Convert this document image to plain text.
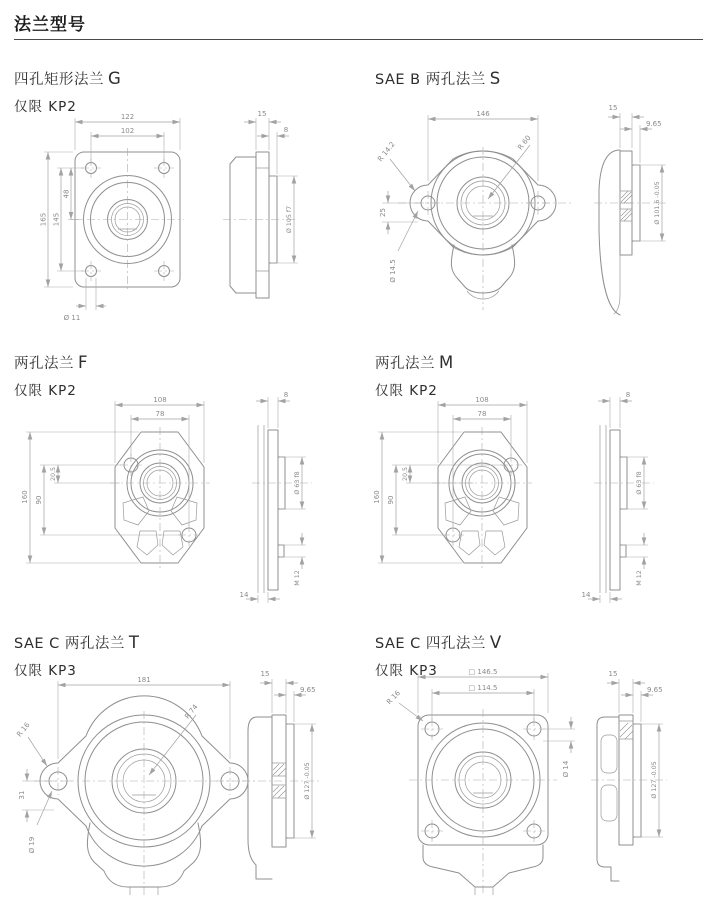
法兰型号
四孔矩形法兰 G
仅限 KP2
122
102
165 145
48
Ø 11
15
8
Ø 105 f7
SAE B 两孔法兰 S
146
R 60
R 14.2
25
Ø 14.5
15
9.65
Ø 101.6 -0.05
两孔法兰 F
仅限 KP2
108
78
160 90
20.5
8
Ø 63 f8
M 12
14
两孔法兰 M
仅限 KP2
108
78
160 90
20.5
8
Ø 63 f8
M 12
14
SAE C 两孔法兰 T
仅限 KP3
181
R 74
R 16
31
Ø 19
15
9.65
Ø 127 -0.05
SAE C 四孔法兰 V
仅限 KP3	□ 146.5
□ 114.5
R 16
Ø 14
15
9.65
Ø 127 -0.05
